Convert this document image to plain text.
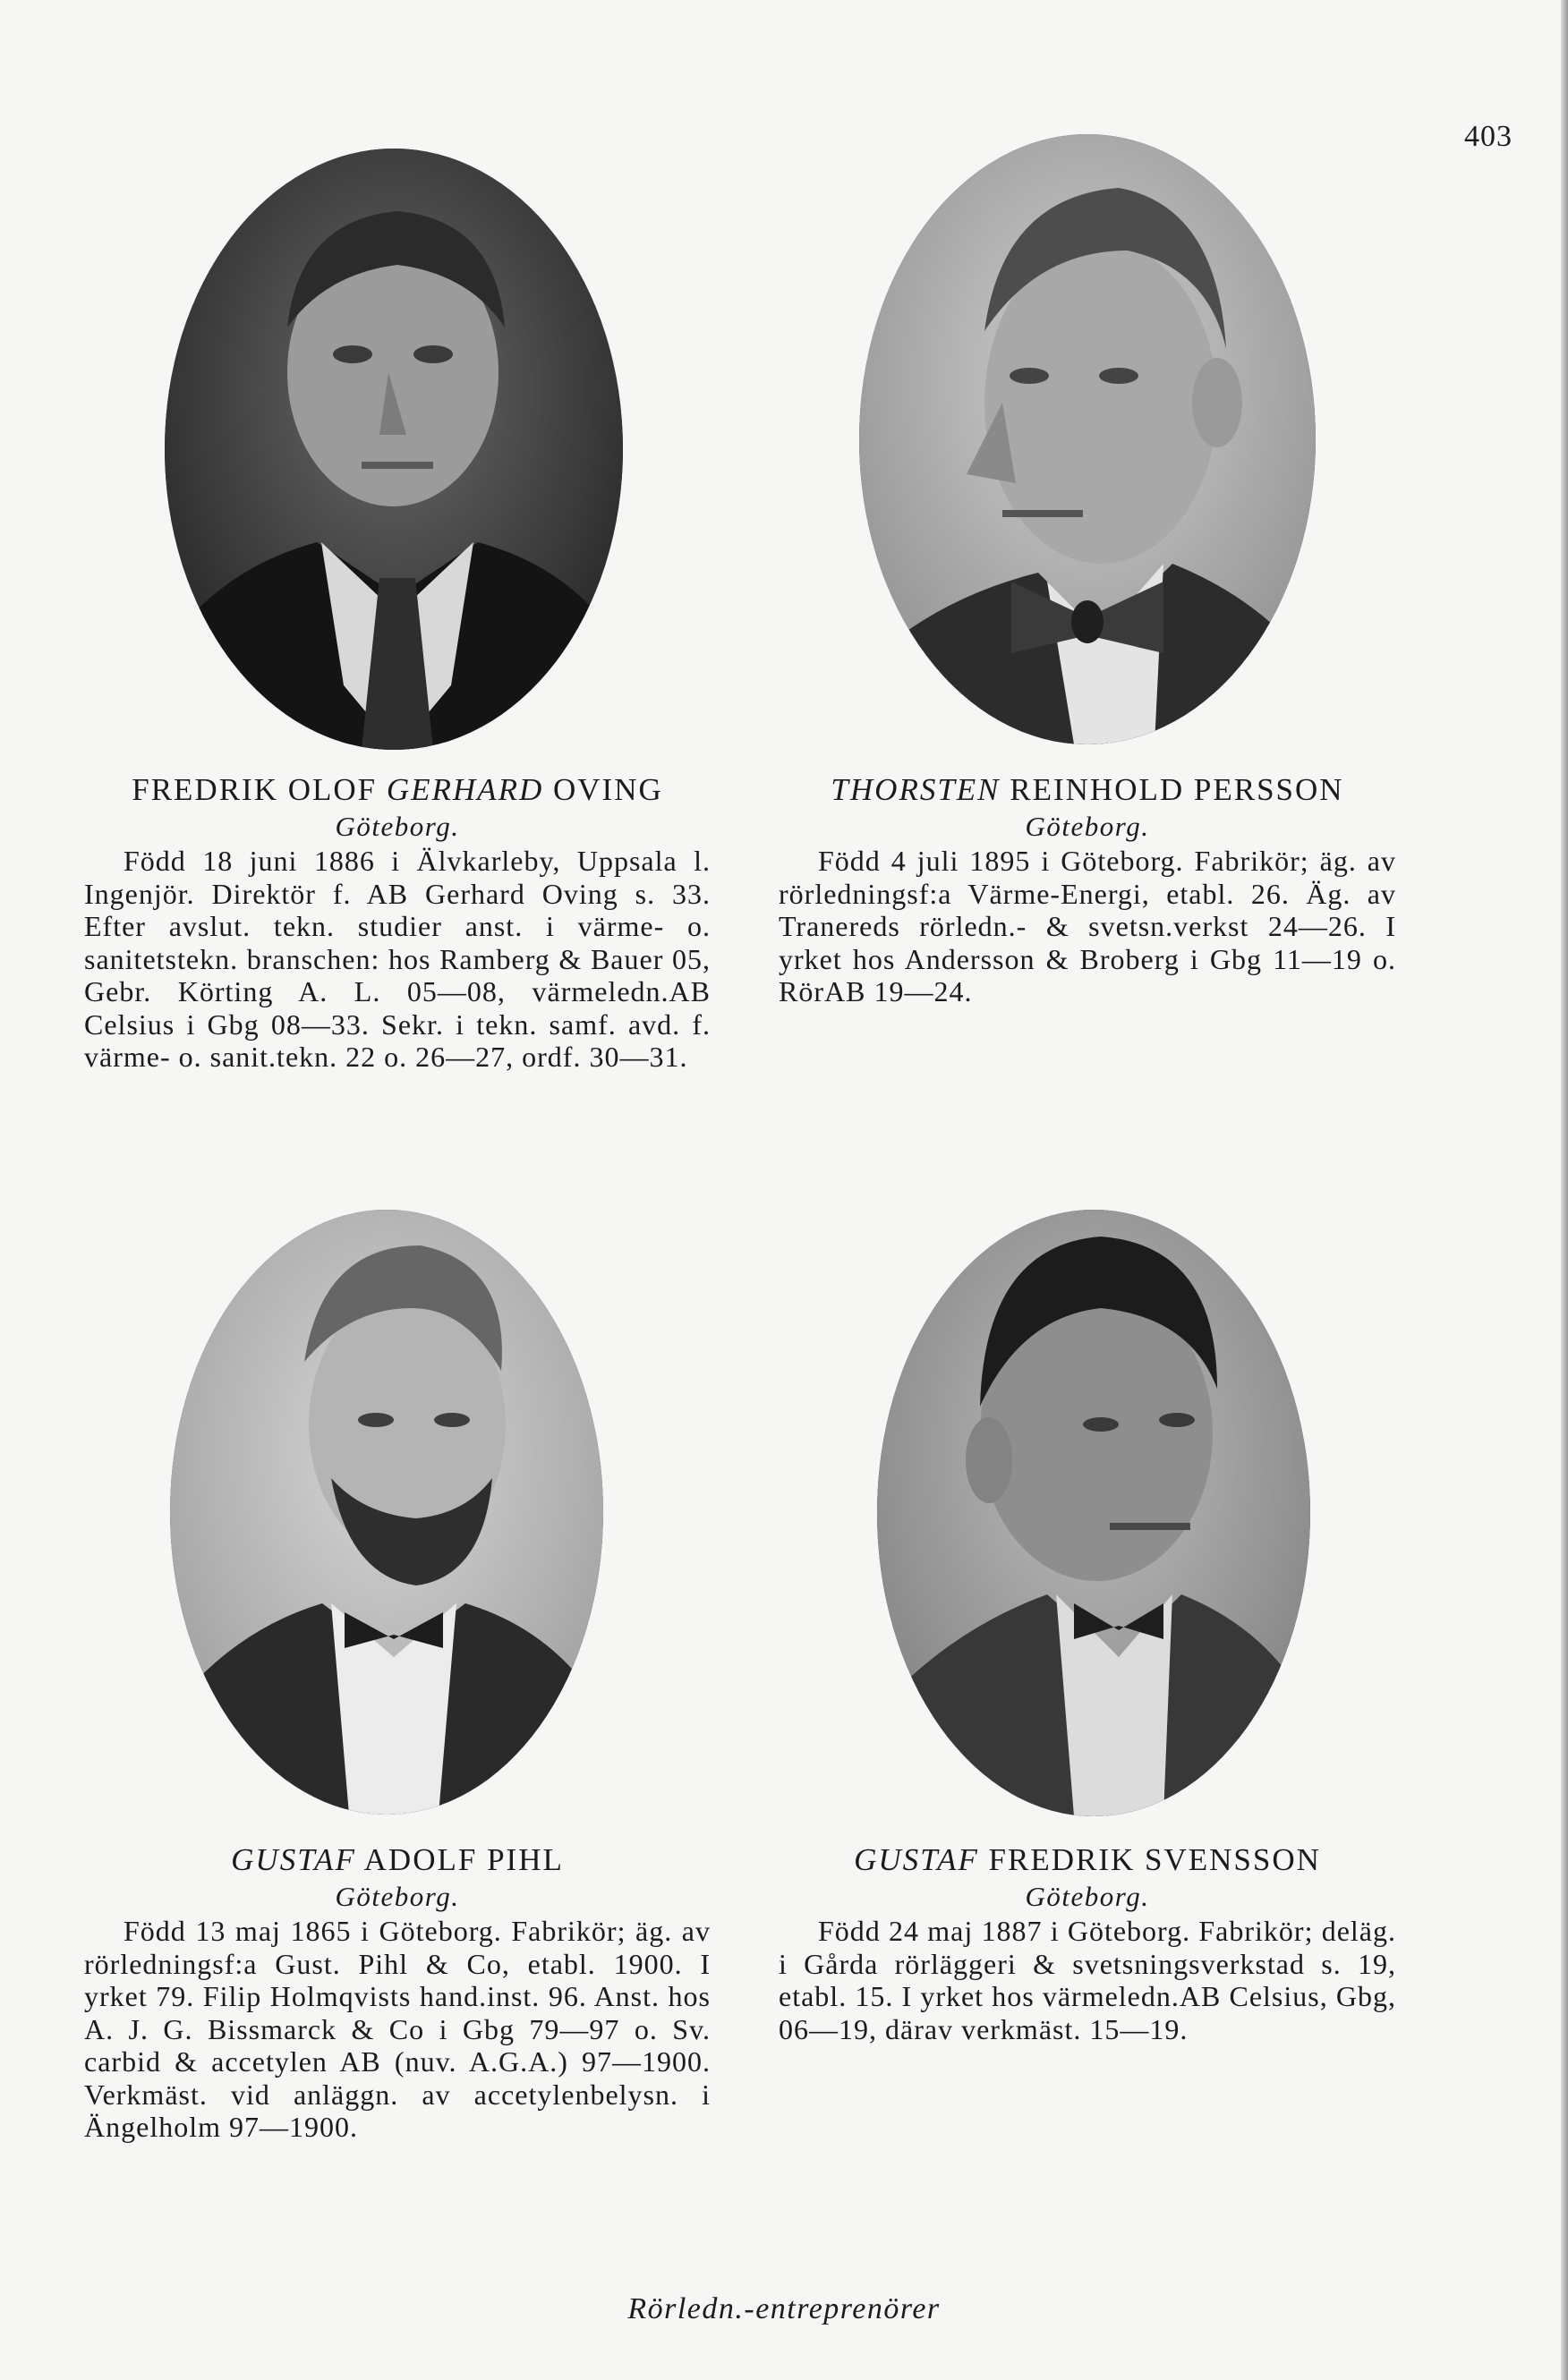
403
FREDRIK OLOF GERHARD OVING
Göteborg.

Född 18 juni 1886 i Älvkarleby, Uppsala l. Ingenjör. Direktör f. AB Gerhard Oving s. 33. Efter avslut. tekn. studier anst. i värme- o. sanitetstekn. branschen: hos Ramberg & Bauer 05, Gebr. Körting A. L. 05—08, värmeledn.AB Celsius i Gbg 08—33. Sekr. i tekn. samf. avd. f. värme- o. sanit.tekn. 22 o. 26—27, ordf. 30—31.

THORSTEN REINHOLD PERSSON
Göteborg.

Född 4 juli 1895 i Göteborg. Fabrikör; äg. av rörledningsf:a Värme-Energi, etabl. 26. Äg. av Tranereds rörledn.- & svetsn.verkst 24—26. I yrket hos Andersson & Broberg i Gbg 11—19 o. RörAB 19—24.

GUSTAF ADOLF PIHL
Göteborg.

Född 13 maj 1865 i Göteborg. Fabrikör; äg. av rörledningsf:a Gust. Pihl & Co, etabl. 1900. I yrket 79. Filip Holmqvists hand.inst. 96. Anst. hos A. J. G. Bissmarck & Co i Gbg 79—97 o. Sv. carbid & accetylen AB (nuv. A.G.A.) 97—1900. Verkmäst. vid anläggn. av accetylenbelysn. i Ängelholm 97—1900.

GUSTAF FREDRIK SVENSSON
Göteborg.

Född 24 maj 1887 i Göteborg. Fabrikör; deläg. i Gårda rörläggeri & svetsningsverkstad s. 19, etabl. 15. I yrket hos värmeledn.AB Celsius, Gbg, 06—19, därav verkmäst. 15—19.

Rörledn.-entreprenörer
